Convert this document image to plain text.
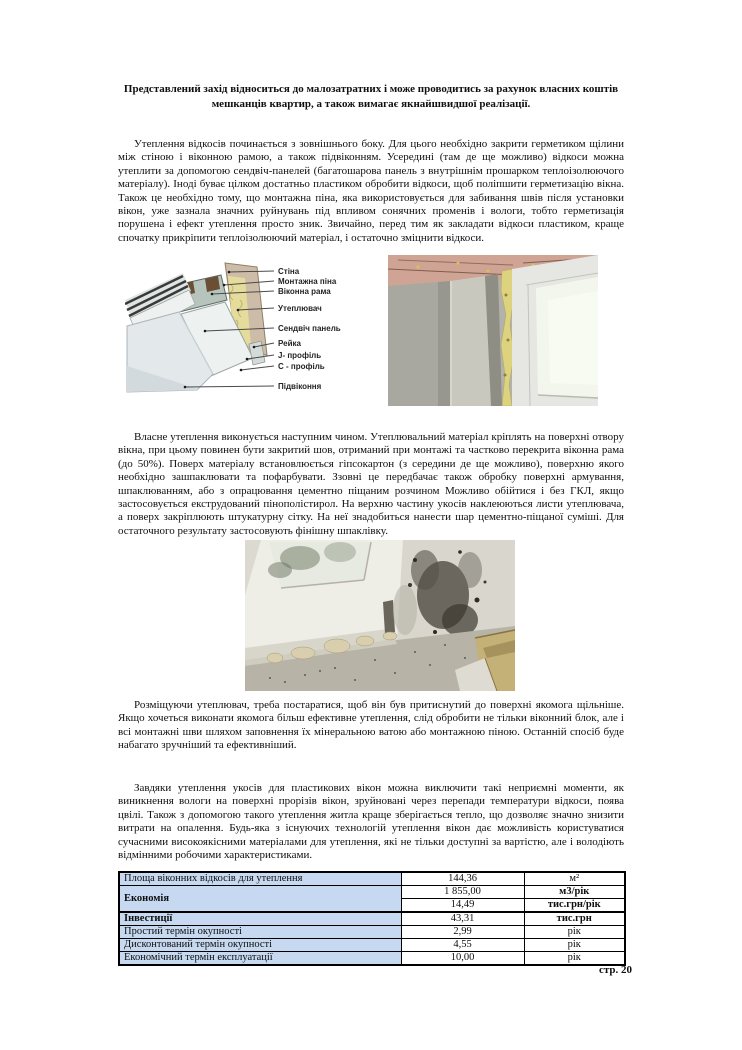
Представлений захід відноситься до малозатратних і може проводитись за рахунок власних коштів мешканців квартир, а також вимагає якнайшвидшої реалізації.

Утеплення відкосів починається з зовнішнього боку. Для цього необхідно закрити герметиком щілини між стіною і віконною рамою, а також підвіконням. Усередині (там де ще можливо) відкоси можна утеплити за допомогою сендвіч-панелей (багатошарова панель з внутрішнім прошарком теплоізолюючого матеріалу). Іноді буває цілком достатньо пластиком обробити відкоси, щоб поліпшити герметизацію вікна. Також це необхідно тому, що монтажна піна, яка використовується для забивання швів після установки вікон, уже зазнала значних руйнувань під впливом сонячних променів і вологи, тобто герметизація порушена і ефект утеплення просто зник. Звичайно, перед тим як закладати відкоси пластиком, краще спочатку прикріпити теплоізолюючий матеріал, і остаточно зміцнити відкоси.

Стіна
Монтажна піна
Віконна рама
Утеплювач
Сендвіч панель
Рейка
J- профіль
С - профіль
Підвіконня

Власне утеплення виконується наступним чином. Утеплювальний матеріал кріплять на поверхні отвору вікна, при цьому повинен бути закритий шов, отриманий при монтажі та частково перекрита віконна рама (до 50%). Поверх матеріалу встановлюється гіпсокартон (з середини де ще можливо), поверхню якого необхідно зашпаклювати та пофарбувати. Ззовні це передбачає також обробку поверхні армування, шпаклюванням, або з опрацювання цементно піщаним розчином Можливо обійтися і без ГКЛ, якщо застосовується екструдований пінополістирол. На верхню частину укосів наклеюються листи утеплювача, а поверх закріплюють штукатурну сітку. На неї знадобиться нанести шар цементно-піщаної суміші. Для остаточного результату застосовують фінішну шпаклівку.

Розміщуючи утеплювач, треба постаратися, щоб він був притиснутий до поверхні якомога щільніше. Якщо хочеться виконати якомога більш ефективне утеплення, слід обробити не тільки віконний блок, але і всі монтажні шви шляхом заповнення їх мінеральною ватою або монтажною піною. Останній спосіб буде набагато зручніший та ефективніший.

Завдяки утеплення укосів для пластикових вікон можна виключити такі неприємні моменти, як виникнення вологи на поверхні прорізів вікон, зруйновані через перепади температури відкоси, поява цвілі. Також з допомогою такого утеплення житла краще зберігається тепло, що дозволяє значно знизити витрати на опалення. Будь-яка з існуючих технологій утеплення вікон дає можливість користуватися сучасними високоякісними матеріалами для утеплення, які не тільки доступні за вартістю, але і володіють відмінними робочими характеристиками.

Площа віконних відкосів для утеплення	144,36	м²
Економія	1 855,00	м3/рік
	14,49	тис.грн/рік
Інвестиції	43,31	тис.грн
Простий термін окупності	2,99	рік
Дисконтований термін окупності	4,55	рік
Економічний термін експлуатації	10,00	рік
стр. 20
